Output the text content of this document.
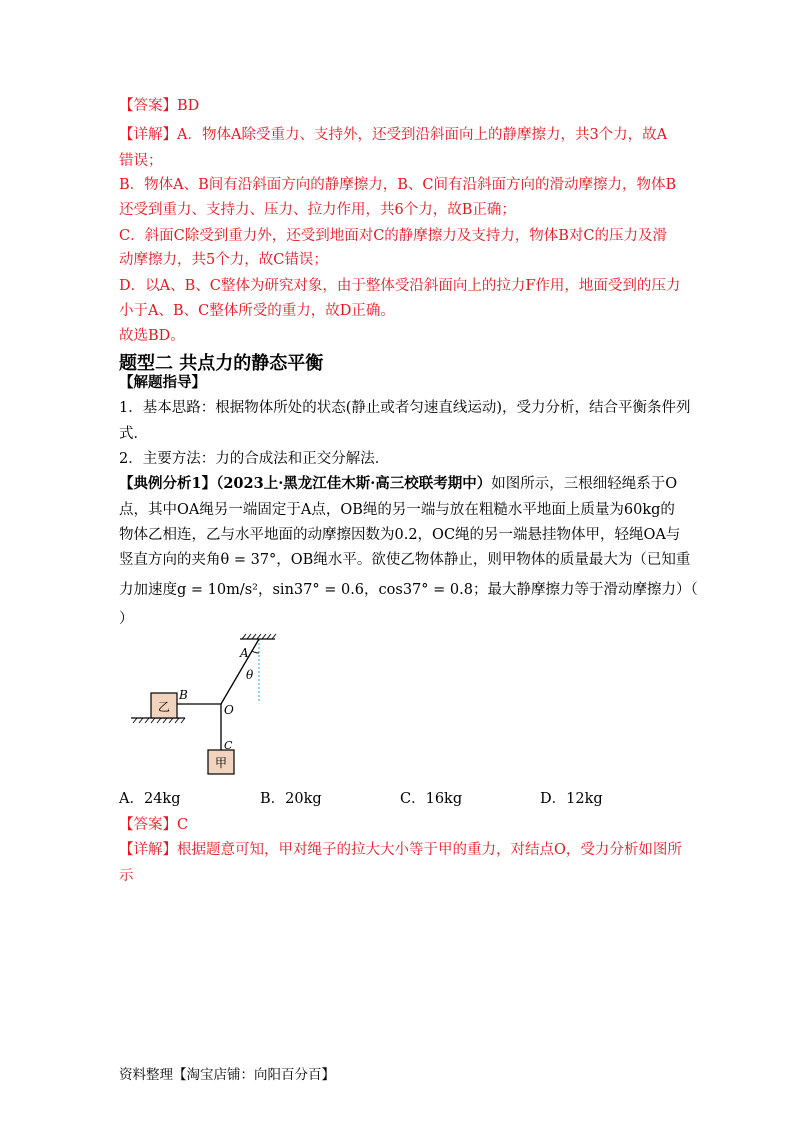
【答案】BD
【详解】A．物体A除受重力、支持外，还受到沿斜面向上的静摩擦力，共3个力，故A
错误；
B．物体A、B间有沿斜面方向的静摩擦力，B、C间有沿斜面方向的滑动摩擦力，物体B
还受到重力、支持力、压力、拉力作用，共6个力，故B正确；
C．斜面C除受到重力外，还受到地面对C的静摩擦力及支持力，物体B对C的压力及滑
动摩擦力，共5个力，故C错误；
D．以A、B、C整体为研究对象，由于整体受沿斜面向上的拉力F作用，地面受到的压力
小于A、B、C整体所受的重力，故D正确。
故选BD。
题型二 共点力的静态平衡
【解题指导】
1．基本思路：根据物体所处的状态(静止或者匀速直线运动)，受力分析，结合平衡条件列
式．
2．主要方法：力的合成法和正交分解法．
【典例分析1】（2023上·黑龙江佳木斯·高三校联考期中）如图所示，三根细轻绳系于O
点，其中OA绳另一端固定于A点，OB绳的另一端与放在粗糙水平地面上质量为60kg的
物体乙相连，乙与水平地面的动摩擦因数为0.2，OC绳的另一端悬挂物体甲，轻绳OA与
竖直方向的夹角θ = 37°，OB绳水平。欲使乙物体静止，则甲物体的质量最大为（已知重
力加速度g = 10m/s²，sin37° = 0.6，cos37° = 0.8；最大静摩擦力等于滑动摩擦力）（
）
A
θ
B
O
C
乙
甲
A．24kg	B．20kg	C．16kg	D．12kg
【答案】C
【详解】根据题意可知，甲对绳子的拉大大小等于甲的重力，对结点O，受力分析如图所
示
资料整理【淘宝店铺：向阳百分百】
